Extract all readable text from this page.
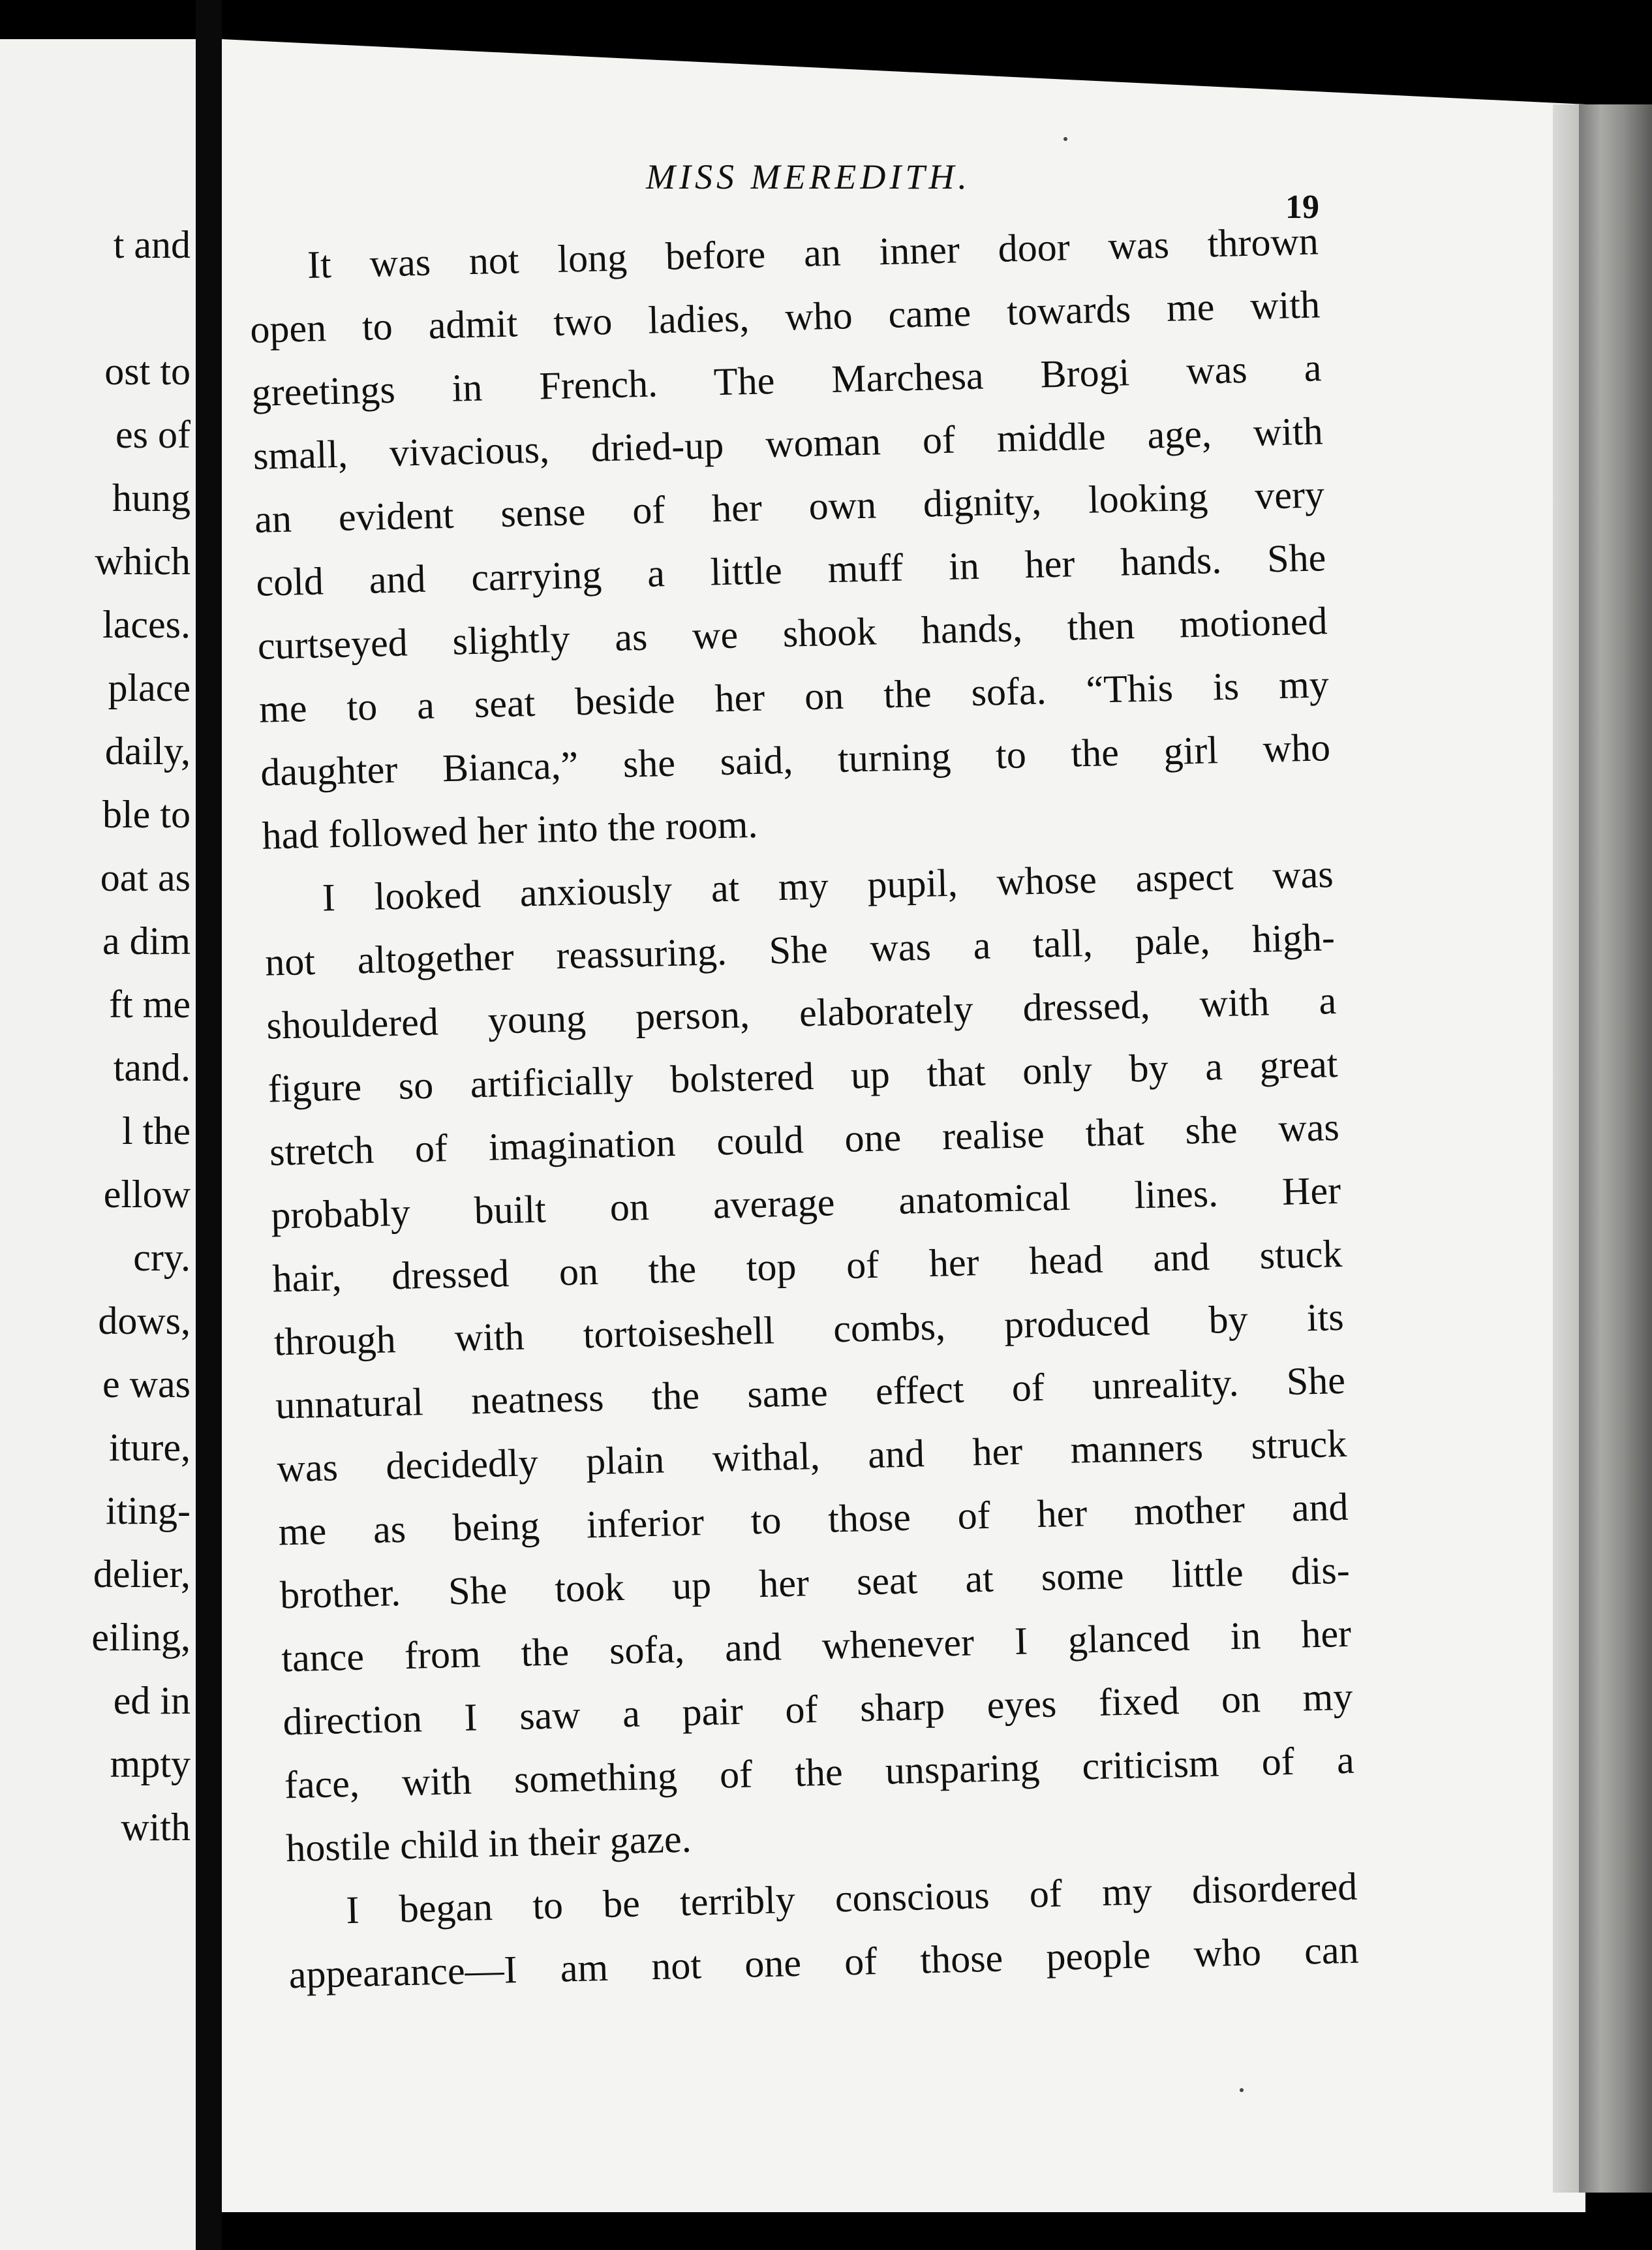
t and
ost to
es of
hung
which
laces.
place
daily,
ble to
oat as
a dim
ft me
tand.
l the
ellow
cry.
dows,
e was
iture,
iting-
delier,
eiling,
ed in
mpty
with
MISS MEREDITH.
19
It was not long before an inner door was thrown
open to admit two ladies, who came towards me with
greetings in French. The Marchesa Brogi was a
small, vivacious, dried-up woman of middle age, with
an evident sense of her own dignity, looking very
cold and carrying a little muff in her hands. She
curtseyed slightly as we shook hands, then motioned
me to a seat beside her on the sofa. “This is my
daughter Bianca,” she said, turning to the girl who
had followed her into the room.
I looked anxiously at my pupil, whose aspect was
not altogether reassuring. She was a tall, pale, high-
shouldered young person, elaborately dressed, with a
figure so artificially bolstered up that only by a great
stretch of imagination could one realise that she was
probably built on average anatomical lines. Her
hair, dressed on the top of her head and stuck
through with tortoiseshell combs, produced by its
unnatural neatness the same effect of unreality. She
was decidedly plain withal, and her manners struck
me as being inferior to those of her mother and
brother. She took up her seat at some little dis-
tance from the sofa, and whenever I glanced in her
direction I saw a pair of sharp eyes fixed on my
face, with something of the unsparing criticism of a
hostile child in their gaze.
I began to be terribly conscious of my disordered
appearance—I am not one of those people who can
